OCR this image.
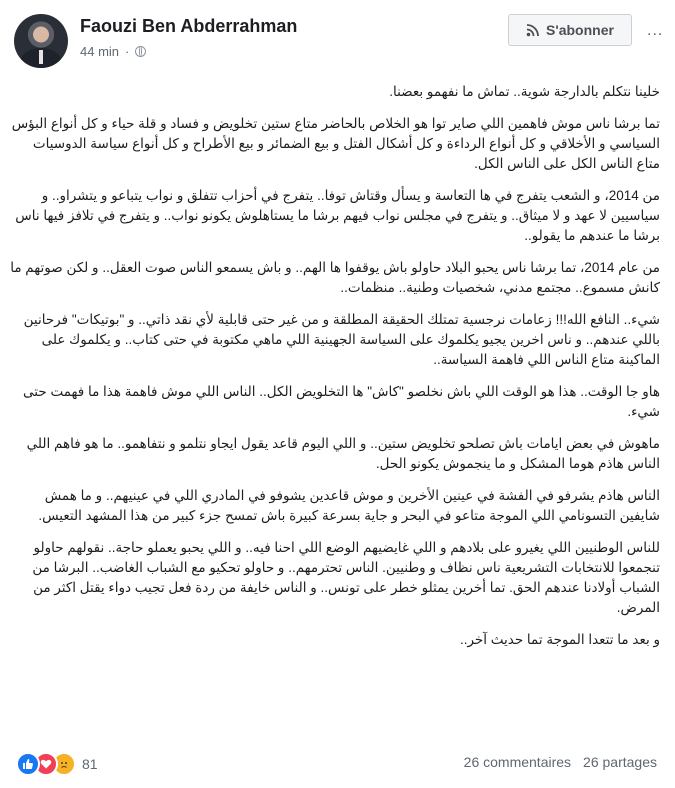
Faouzi Ben Abderrahman
44 min ·
S'abonner ...

خلينا نتكلم بالدارجة شوية.. تماش ما نفهمو بعضنا.

تما برشا ناس موش فاهمين اللي صاير توا هو الخلاص بالحاضر متاع ستين تخلويض و فساد و قلة حياء و كل أنواع البؤس السياسي و الأخلاقي و كل أنواع الرداءة و كل أشكال الفتل و بيع الضمائر و بيع الأطراح و كل أنواع سياسة الدوسيات متاع الناس الكل على الناس الكل.

من 2014، و الشعب يتفرج في ها التعاسة و يسأل وقتاش توفا.. يتفرج في أحزاب تتفلق و نواب يتباعو و يتشراو.. و سياسيين لا عهد و لا ميثاق.. و يتفرج في مجلس نواب فيهم برشا ما يستاهلوش يكونو نواب.. و يتفرج في تلافز فيها ناس برشا ما عندهم ما يقولو..

من عام 2014، تما برشا ناس يحبو البلاد حاولو باش يوقفوا ها الهم.. و باش يسمعو الناس صوت العقل.. و لكن صوتهم ما كانش مسموع.. مجتمع مدني، شخصيات وطنية.. منظمات..

شيء.. النافع الله!!! زعامات نرجسية تمتلك الحقيقة المطلقة و من غير حتى قابلية لأي نقد ذاتي.. و "بوتيكات" فرحانين باللي عندهم.. و ناس اخرين يجيو يكلموك على السياسة الجهينية اللي ماهي مكتوبة في حتى كتاب.. و يكلموك على الماكينة متاع الناس اللي فاهمة السياسة..

هاو جا الوقت.. هذا هو الوقت اللي باش نخلصو "كاش" ها التخلويض الكل.. الناس اللي موش فاهمة هذا ما فهمت حتى شيء.

ماهوش في بعض ايامات باش تصلحو تخلويض ستين.. و اللي اليوم قاعد يقول ايجاو نتلمو و نتفاهمو.. ما هو فاهم اللي الناس هاذم هوما المشكل و ما ينجموش يكونو الحل.

الناس هاذم يشرفو في الفشة في عينين الأخرين و موش قاعدين يشوفو في المادري اللي في عينيهم.. و ما همش شايفين التسونامي اللي الموجة متاعو في البحر و جاية بسرعة كبيرة باش تمسح جزء كبير من هذا المشهد التعيس.

للناس الوطنيين اللي يغيرو على بلادهم و اللي غايضيهم الوضع اللي احنا فيه.. و اللي يحبو يعملو حاجة.. نقولهم حاولو تنجمعوا للانتخابات التشريعية ناس نظاف و وطنيين. الناس تحترمهم.. و حاولو تحكيو مع الشباب الغاضب.. البرشا من الشباب أولادنا عندهم الحق. تما أخرين يمثلو خطر على تونس.. و الناس خايفة من ردة فعل تجيب دواء يقتل اكثر من المرض.

و بعد ما تتعدا الموجة تما حديث آخر..

81	26 commentaires 26 partages
